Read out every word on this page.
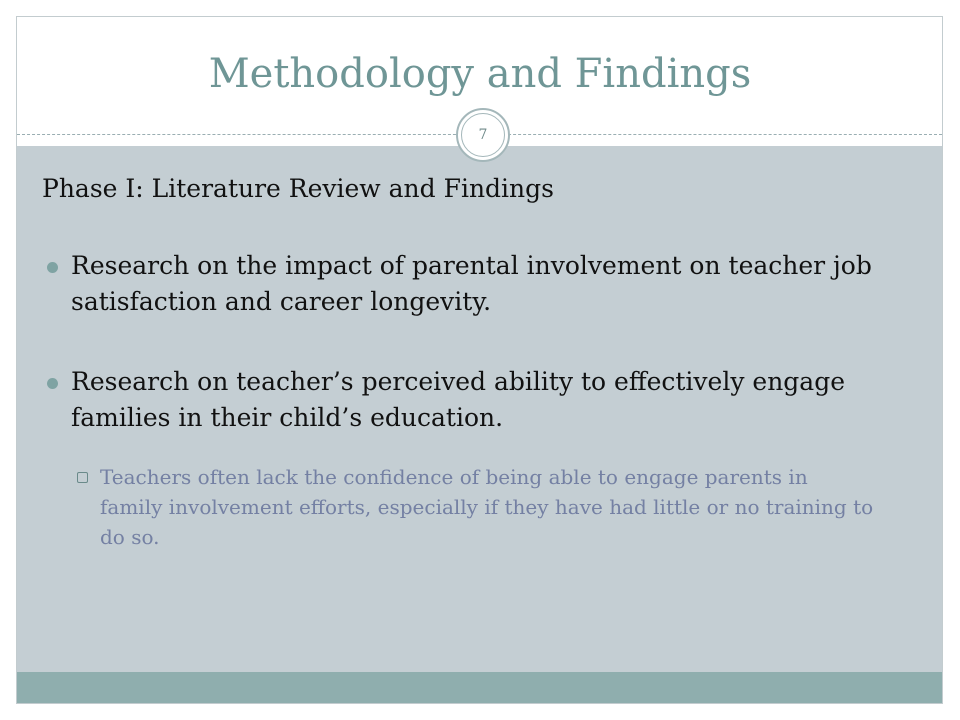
Methodology and Findings
7
Phase I: Literature Review and Findings
Research on the impact of parental involvement on teacher job satisfaction and career longevity.
Research on teacher’s perceived ability to effectively engage families in their child’s education.
Teachers often lack the confidence of being able to engage parents in family involvement efforts, especially if they have had little or no training to do so.
